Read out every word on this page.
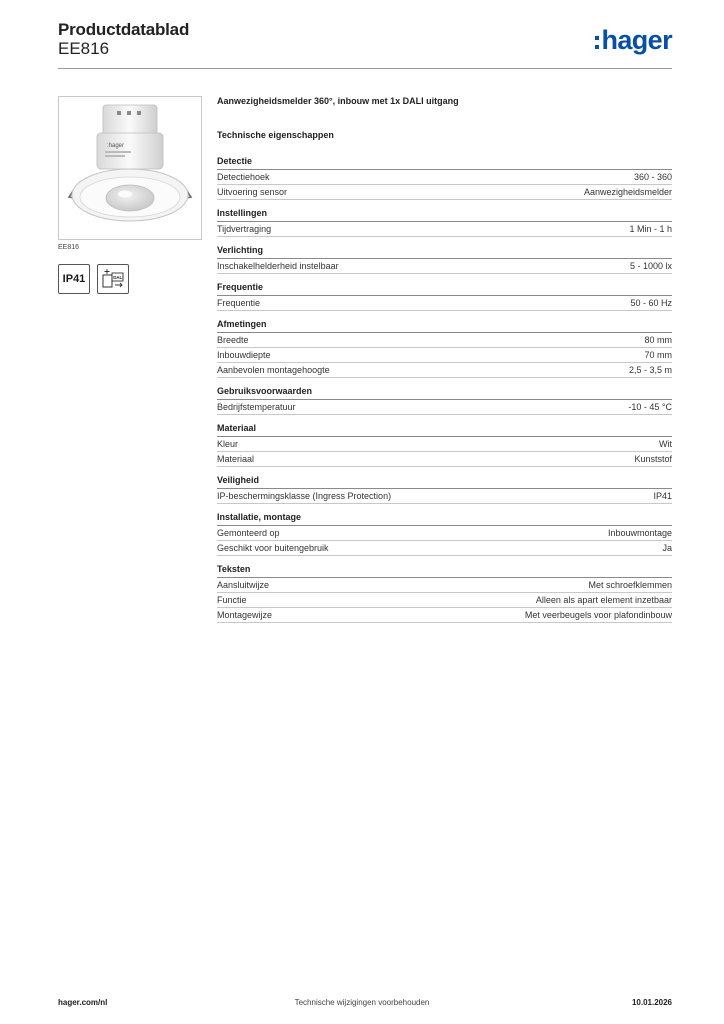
Productdatablad
EE816	hager
:hager
EE816
IP41	DALI
Aanwezigheidsmelder 360°, inbouw met 1x DALI uitgang
Technische eigenschappen
Detectie
Detectiehoek	360 - 360
Uitvoering sensor	Aanwezigheidsmelder
Instellingen
Tijdvertraging	1 Min - 1 h
Verlichting
Inschakelhelderheid instelbaar	5 - 1000 lx
Frequentie
Frequentie	50 - 60 Hz
Afmetingen
Breedte	80 mm
Inbouwdiepte	70 mm
Aanbevolen montagehoogte	2,5 - 3,5 m
Gebruiksvoorwaarden
Bedrijfstemperatuur	-10 - 45 °C
Materiaal
Kleur	Wit
Materiaal	Kunststof
Veiligheid
IP-beschermingsklasse (Ingress Protection)	IP41
Installatie, montage
Gemonteerd op	Inbouwmontage
Geschikt voor buitengebruik	Ja
Teksten
Aansluitwijze	Met schroefklemmen
Functie	Alleen als apart element inzetbaar
Montagewijze	Met veerbeugels voor plafondinbouw
hager.com/nl	Technische wijzigingen voorbehouden	10.01.2026
